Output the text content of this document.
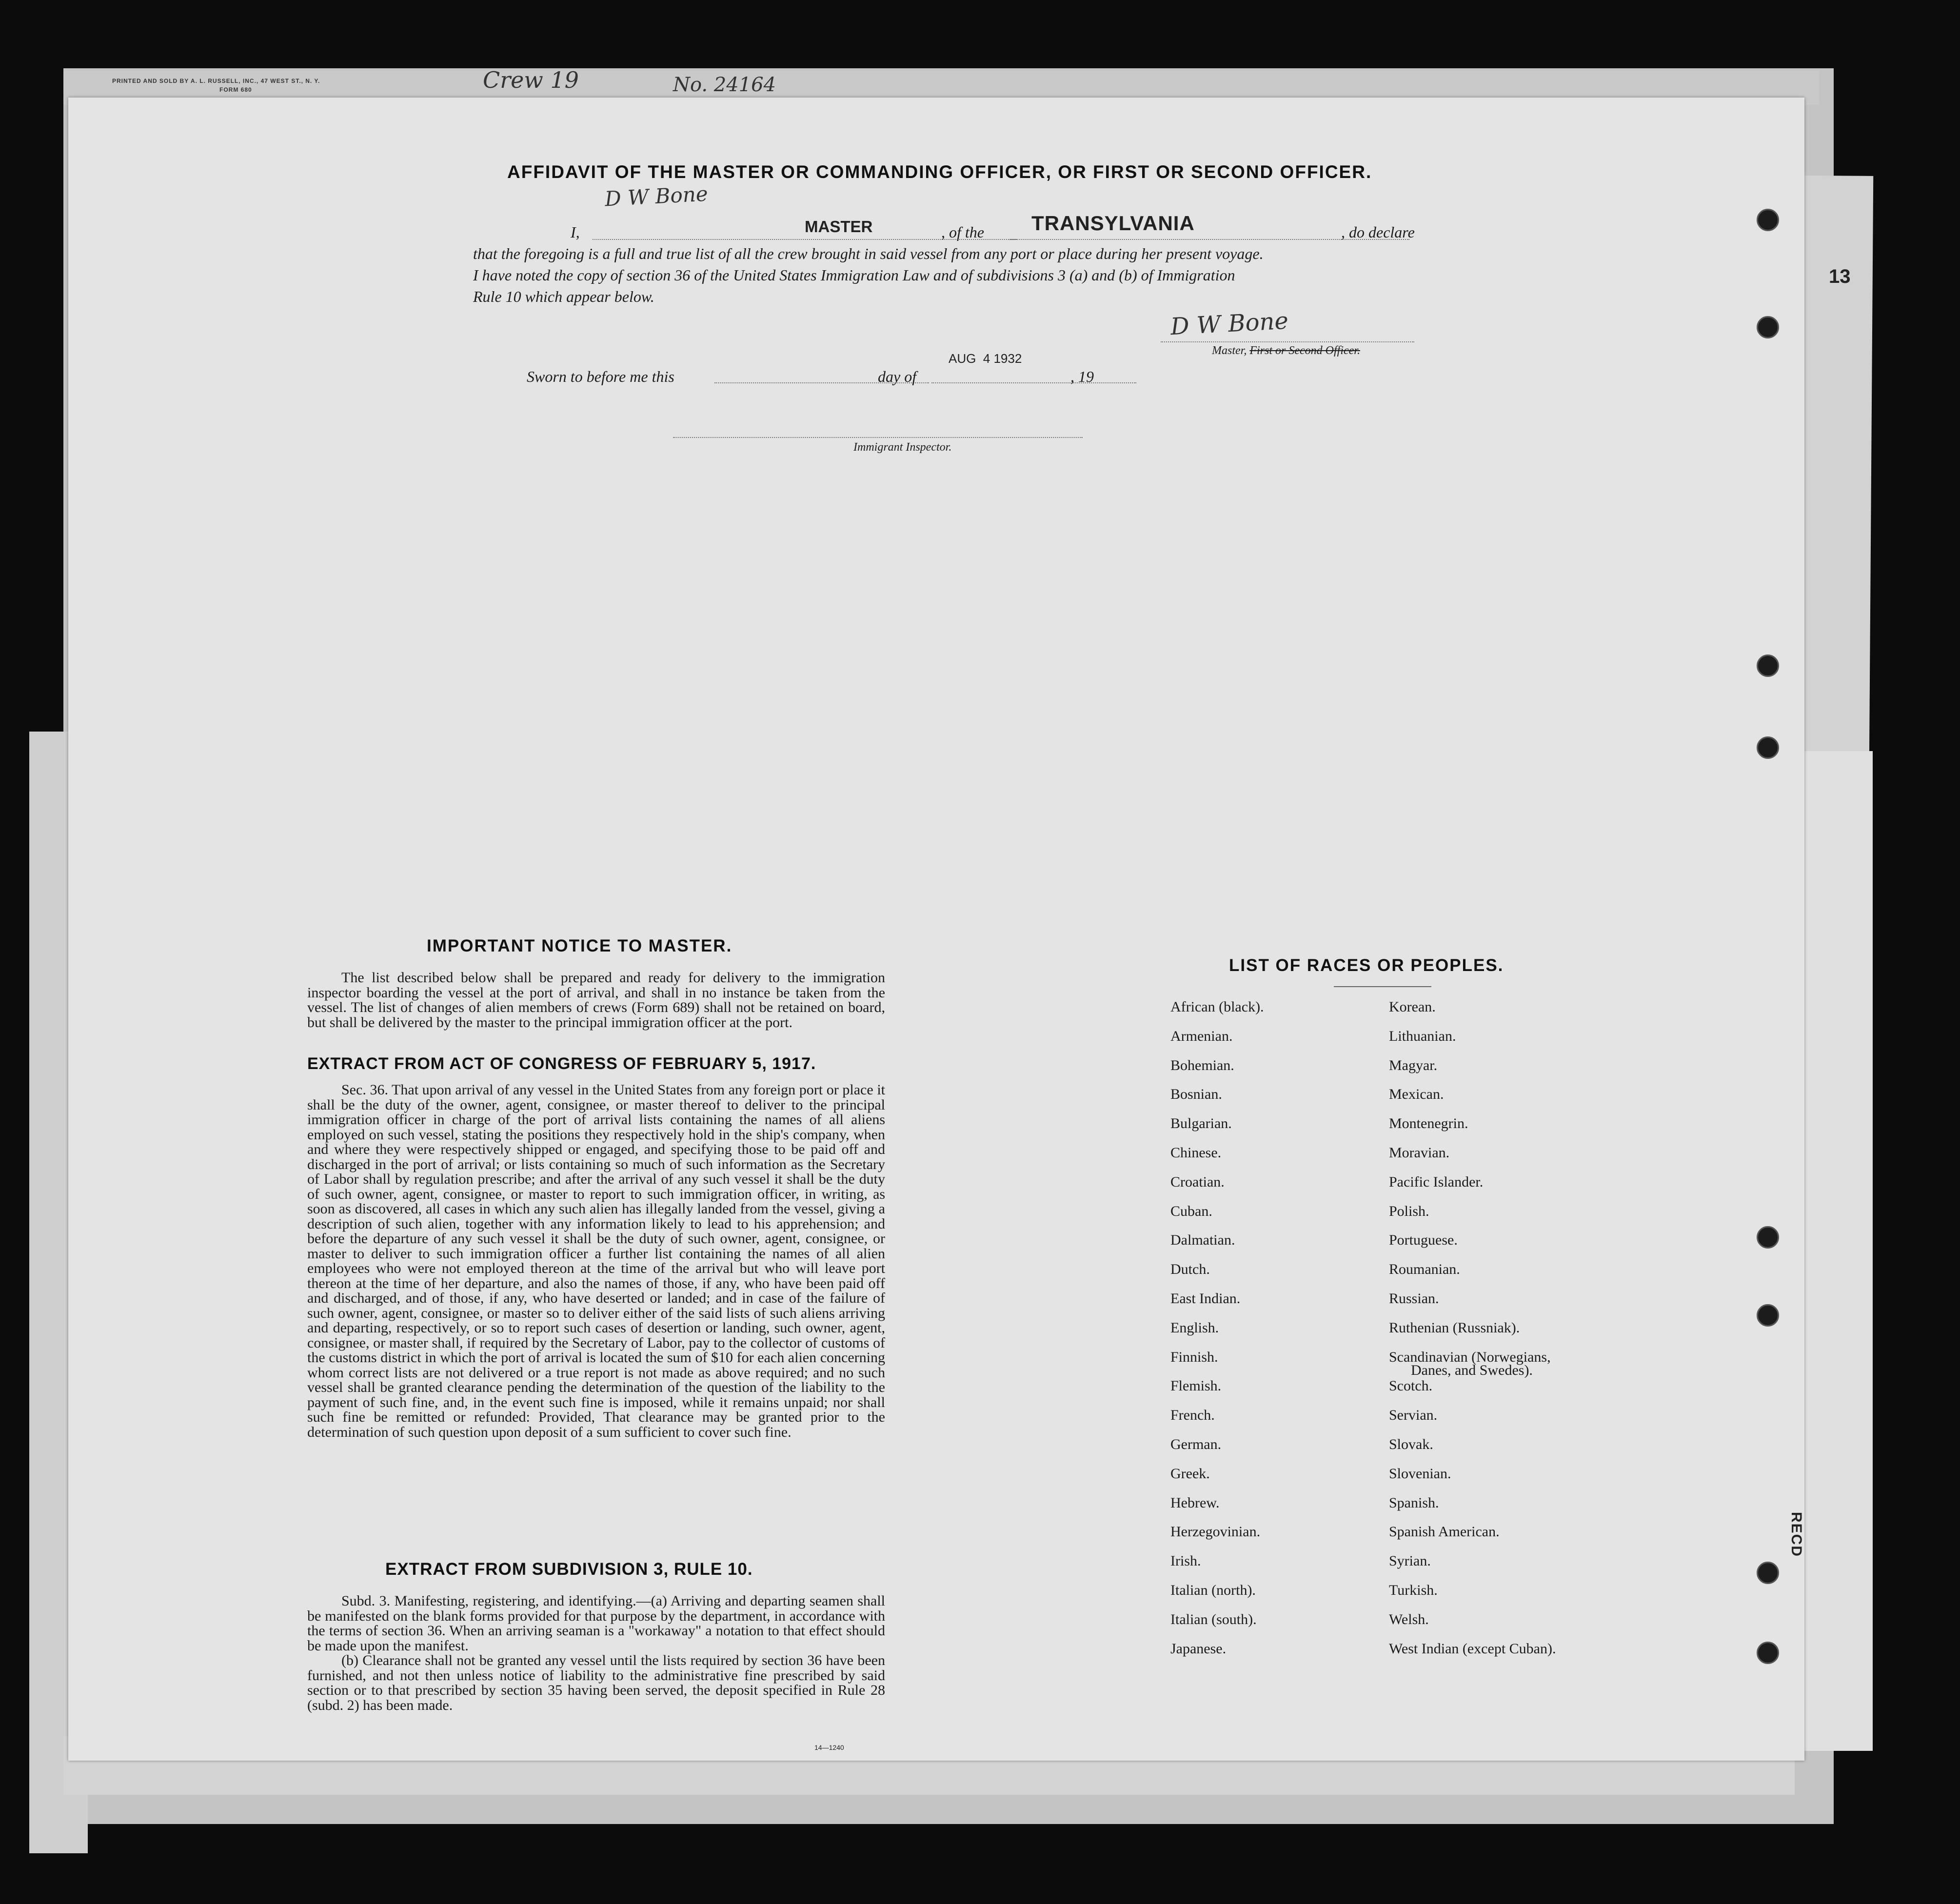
PRINTED AND SOLD BY A. L. RUSSELL, INC., 47 WEST ST., N. Y.
FORM 680	Crew 19	No. 24164
AFFIDAVIT OF THE MASTER OR COMMANDING OFFICER, OR FIRST OR SECOND OFFICER.
I,
D W Bone
MASTER	, of the TRANSYLVANIA	, do declare
that the foregoing is a full and true list of all the crew brought in said vessel from any port or place during her present voyage.
I have noted the copy of section 36 of the United States Immigration Law and of subdivisions 3 (a) and (b) of Immigration
Rule 10 which appear below.
D W Bone
Master, First or Second Officer.
Sworn to before me this	day of
AUG  4 1932
, 19
Immigrant Inspector.
IMPORTANT NOTICE TO MASTER.
The list described below shall be prepared and ready for delivery to the immigration inspector boarding the vessel at the port of arrival, and shall in no instance be taken from the vessel. The list of changes of alien members of crews (Form 689) shall not be retained on board, but shall be delivered by the master to the principal immigration officer at the port.
EXTRACT FROM ACT OF CONGRESS OF FEBRUARY 5, 1917.
Sec. 36. That upon arrival of any vessel in the United States from any foreign port or place it shall be the duty of the owner, agent, consignee, or master thereof to deliver to the principal immigration officer in charge of the port of arrival lists containing the names of all aliens employed on such vessel, stating the positions they respectively hold in the ship's company, when and where they were respectively shipped or engaged, and specifying those to be paid off and discharged in the port of arrival; or lists containing so much of such information as the Secretary of Labor shall by regulation prescribe; and after the arrival of any such vessel it shall be the duty of such owner, agent, consignee, or master to report to such immigration officer, in writing, as soon as discovered, all cases in which any such alien has illegally landed from the vessel, giving a description of such alien, together with any information likely to lead to his apprehension; and before the departure of any such vessel it shall be the duty of such owner, agent, consignee, or master to deliver to such immigration officer a further list containing the names of all alien employees who were not employed thereon at the time of the arrival but who will leave port thereon at the time of her departure, and also the names of those, if any, who have been paid off and discharged, and of those, if any, who have deserted or landed; and in case of the failure of such owner, agent, consignee, or master so to deliver either of the said lists of such aliens arriving and departing, respectively, or so to report such cases of desertion or landing, such owner, agent, consignee, or master shall, if required by the Secretary of Labor, pay to the collector of customs of the customs district in which the port of arrival is located the sum of $10 for each alien concerning whom correct lists are not delivered or a true report is not made as above required; and no such vessel shall be granted clearance pending the determination of the question of the liability to the payment of such fine, and, in the event such fine is imposed, while it remains unpaid; nor shall such fine be remitted or refunded: Provided, That clearance may be granted prior to the determination of such question upon deposit of a sum sufficient to cover such fine.
EXTRACT FROM SUBDIVISION 3, RULE 10.
Subd. 3. Manifesting, registering, and identifying.—(a) Arriving and departing seamen shall be manifested on the blank forms provided for that purpose by the department, in accordance with the terms of section 36. When an arriving seaman is a "workaway" a notation to that effect should be made upon the manifest.
(b) Clearance shall not be granted any vessel until the lists required by section 36 have been furnished, and not then unless notice of liability to the administrative fine prescribed by said section or to that prescribed by section 35 having been served, the deposit specified in Rule 28 (subd. 2) has been made.
14—1240
LIST OF RACES OR PEOPLES.
13
RECD
African (black).
Armenian.
Bohemian.
Bosnian.
Bulgarian.
Chinese.
Croatian.
Cuban.
Dalmatian.
Dutch.
East Indian.
English.
Finnish.
Flemish.
French.
German.
Greek.
Hebrew.
Herzegovinian.
Irish.
Italian (north).
Italian (south).
Japanese.
Korean.
Lithuanian.
Magyar.
Mexican.
Montenegrin.
Moravian.
Pacific Islander.
Polish.
Portuguese.
Roumanian.
Russian.
Ruthenian (Russniak).
Scandinavian (Norwegians,
Danes, and Swedes).
Scotch.
Servian.
Slovak.
Slovenian.
Spanish.
Spanish American.
Syrian.
Turkish.
Welsh.
West Indian (except Cuban).
